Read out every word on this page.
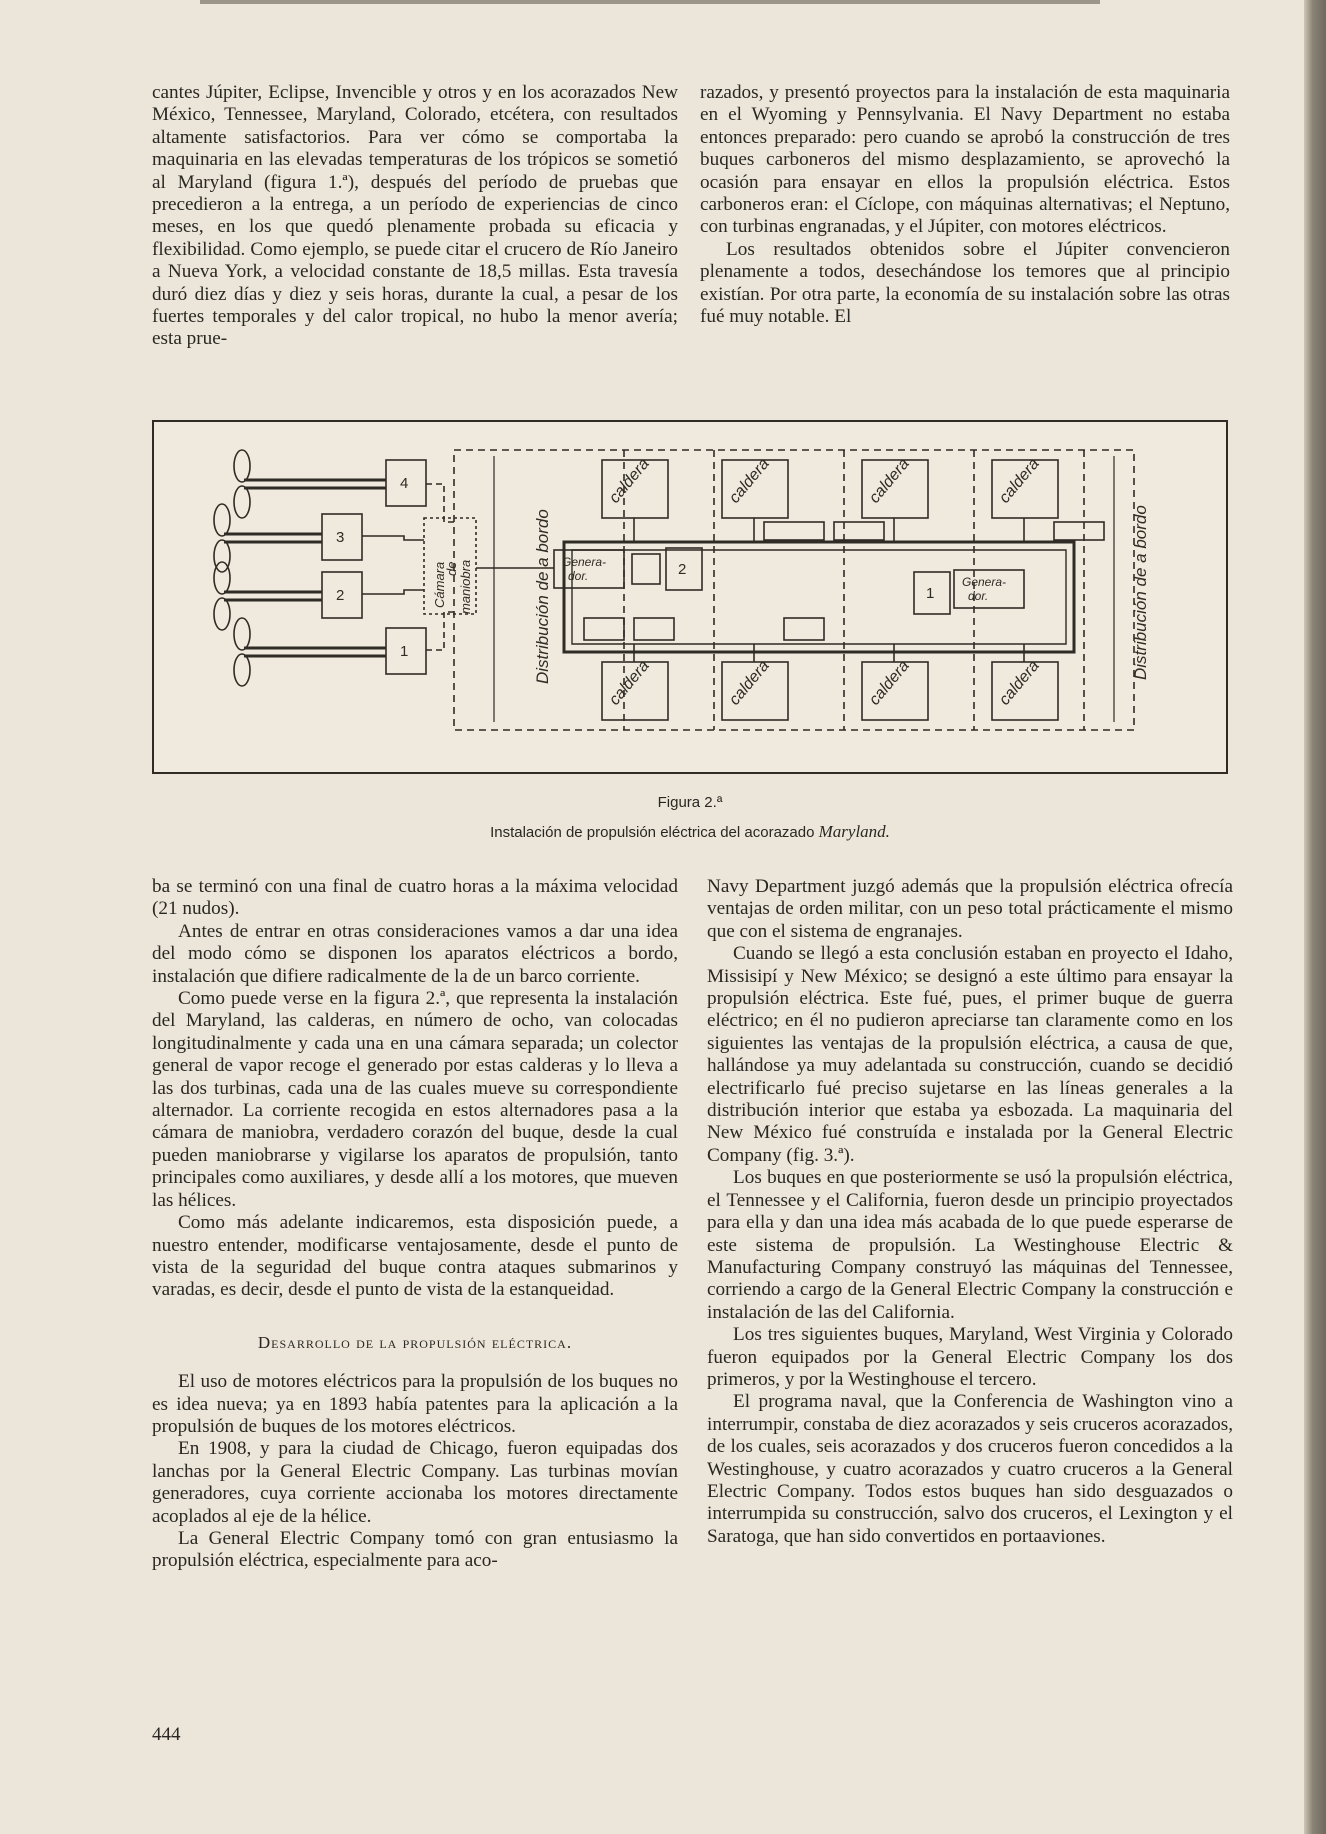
cantes Júpiter, Eclipse, Invencible y otros y en los acorazados New México, Tennessee, Maryland, Colorado, etcétera, con resultados altamente satisfactorios. Para ver cómo se comportaba la maquinaria en las elevadas temperaturas de los trópicos se sometió al Maryland (figura 1.ª), después del período de pruebas que precedieron a la entrega, a un período de experiencias de cinco meses, en los que quedó plenamente probada su eficacia y flexibilidad. Como ejemplo, se puede citar el crucero de Río Janeiro a Nueva York, a velocidad constante de 18,5 millas. Esta travesía duró diez días y diez y seis horas, durante la cual, a pesar de los fuertes temporales y del calor tropical, no hubo la menor avería; esta prue-

razados, y presentó proyectos para la instalación de esta maquinaria en el Wyoming y Pennsylvania. El Navy Department no estaba entonces preparado: pero cuando se aprobó la construcción de tres buques carboneros del mismo desplazamiento, se aprovechó la ocasión para ensayar en ellos la propulsión eléctrica. Estos carboneros eran: el Cíclope, con máquinas alternativas; el Neptuno, con turbinas engranadas, y el Júpiter, con motores eléctricos.

Los resultados obtenidos sobre el Júpiter convencieron plenamente a todos, desechándose los temores que al principio existían. Por otra parte, la economía de su instalación sobre las otras fué muy notable. El

caldera	caldera	caldera	caldera
caldera	caldera	caldera	caldera
Genera-
dor.	Genera-
dor.
Cámara
de maniobra	Distribución de a bordo	Distribución de a bordo
4
3
2
1
2
1
Figura 2.ª
Instalación de propulsión eléctrica del acorazado Maryland.

ba se terminó con una final de cuatro horas a la máxima velocidad (21 nudos).

Antes de entrar en otras consideraciones vamos a dar una idea del modo cómo se disponen los aparatos eléctricos a bordo, instalación que difiere radicalmente de la de un barco corriente.

Como puede verse en la figura 2.ª, que representa la instalación del Maryland, las calderas, en número de ocho, van colocadas longitudinalmente y cada una en una cámara separada; un colector general de vapor recoge el generado por estas calderas y lo lleva a las dos turbinas, cada una de las cuales mueve su correspondiente alternador. La corriente recogida en estos alternadores pasa a la cámara de maniobra, verdadero corazón del buque, desde la cual pueden maniobrarse y vigilarse los aparatos de propulsión, tanto principales como auxiliares, y desde allí a los motores, que mueven las hélices.

Como más adelante indicaremos, esta disposición puede, a nuestro entender, modificarse ventajosamente, desde el punto de vista de la seguridad del buque contra ataques submarinos y varadas, es decir, desde el punto de vista de la estanqueidad.

Desarrollo de la propulsión eléctrica.

El uso de motores eléctricos para la propulsión de los buques no es idea nueva; ya en 1893 había patentes para la aplicación a la propulsión de buques de los motores eléctricos.

En 1908, y para la ciudad de Chicago, fueron equipadas dos lanchas por la General Electric Company. Las turbinas movían generadores, cuya corriente accionaba los motores directamente acoplados al eje de la hélice.

La General Electric Company tomó con gran entusiasmo la propulsión eléctrica, especialmente para aco-

Navy Department juzgó además que la propulsión eléctrica ofrecía ventajas de orden militar, con un peso total prácticamente el mismo que con el sistema de engranajes.

Cuando se llegó a esta conclusión estaban en proyecto el Idaho, Missisipí y New México; se designó a este último para ensayar la propulsión eléctrica. Este fué, pues, el primer buque de guerra eléctrico; en él no pudieron apreciarse tan claramente como en los siguientes las ventajas de la propulsión eléctrica, a causa de que, hallándose ya muy adelantada su construcción, cuando se decidió electrificarlo fué preciso sujetarse en las líneas generales a la distribución interior que estaba ya esbozada. La maquinaria del New México fué construída e instalada por la General Electric Company (fig. 3.ª).

Los buques en que posteriormente se usó la propulsión eléctrica, el Tennessee y el California, fueron desde un principio proyectados para ella y dan una idea más acabada de lo que puede esperarse de este sistema de propulsión. La Westinghouse Electric & Manufacturing Company construyó las máquinas del Tennessee, corriendo a cargo de la General Electric Company la construcción e instalación de las del California.

Los tres siguientes buques, Maryland, West Virginia y Colorado fueron equipados por la General Electric Company los dos primeros, y por la Westinghouse el tercero.

El programa naval, que la Conferencia de Washington vino a interrumpir, constaba de diez acorazados y seis cruceros acorazados, de los cuales, seis acorazados y dos cruceros fueron concedidos a la Westinghouse, y cuatro acorazados y cuatro cruceros a la General Electric Company. Todos estos buques han sido desguazados o interrumpida su construcción, salvo dos cruceros, el Lexington y el Saratoga, que han sido convertidos en portaaviones.

444
